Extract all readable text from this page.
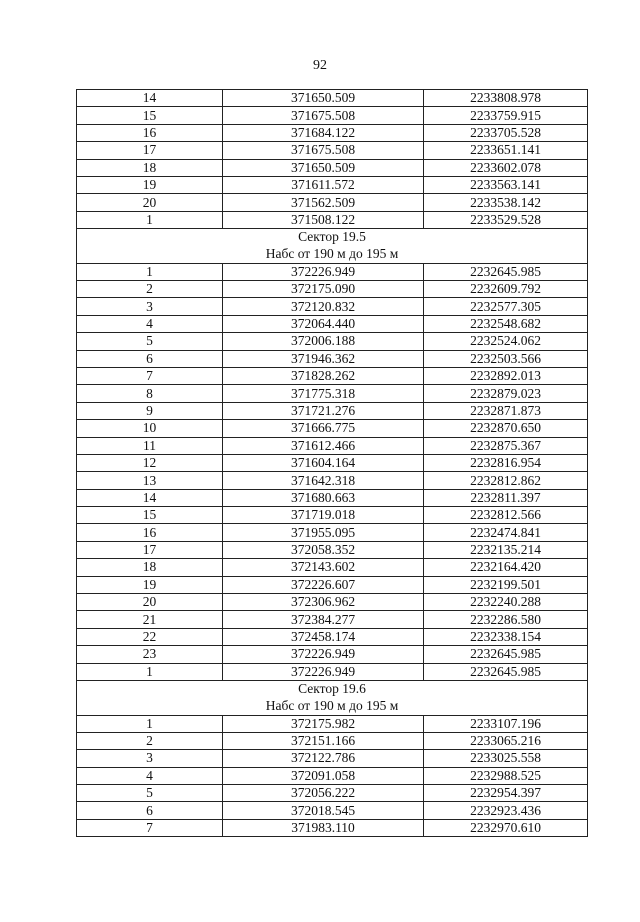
92
14	371650.509	2233808.978
15	371675.508	2233759.915
16	371684.122	2233705.528
17	371675.508	2233651.141
18	371650.509	2233602.078
19	371611.572	2233563.141
20	371562.509	2233538.142
1	371508.122	2233529.528

Сектор 19.5
Набс от 190 м до 195 м		

1	372226.949	2232645.985
2	372175.090	2232609.792
3	372120.832	2232577.305
4	372064.440	2232548.682
5	372006.188	2232524.062
6	371946.362	2232503.566
7	371828.262	2232892.013
8	371775.318	2232879.023
9	371721.276	2232871.873
10	371666.775	2232870.650
11	371612.466	2232875.367
12	371604.164	2232816.954
13	371642.318	2232812.862
14	371680.663	2232811.397
15	371719.018	2232812.566
16	371955.095	2232474.841
17	372058.352	2232135.214
18	372143.602	2232164.420
19	372226.607	2232199.501
20	372306.962	2232240.288
21	372384.277	2232286.580
22	372458.174	2232338.154
23	372226.949	2232645.985
1	372226.949	2232645.985

Сектор 19.6
Набс от 190 м до 195 м		

1	372175.982	2233107.196
2	372151.166	2233065.216
3	372122.786	2233025.558
4	372091.058	2232988.525
5	372056.222	2232954.397
6	372018.545	2232923.436
7	371983.110	2232970.610
